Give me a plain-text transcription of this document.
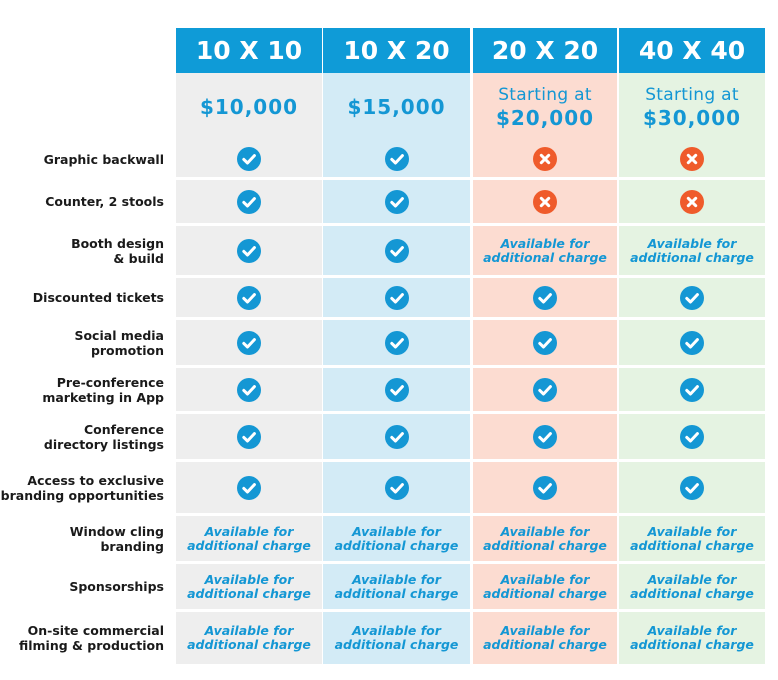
10 X 10
$10,000
10 X 20
$15,000
20 X 20
Starting at
$20,000
40 X 40
Starting at
$30,000
Graphic backwall
Counter, 2 stools
Booth design
& build
Available for
additional charge
Available for
additional charge
Discounted tickets
Social media
promotion
Pre-conference
marketing in App
Conference
directory listings
Access to exclusive
branding opportunities
Window cling
branding
Available for
additional charge
Available for
additional charge
Available for
additional charge
Available for
additional charge
Sponsorships	Available for
additional charge
Available for
additional charge
Available for
additional charge
Available for
additional charge
On-site commercial
filming & production
Available for
additional charge
Available for
additional charge
Available for
additional charge
Available for
additional charge
